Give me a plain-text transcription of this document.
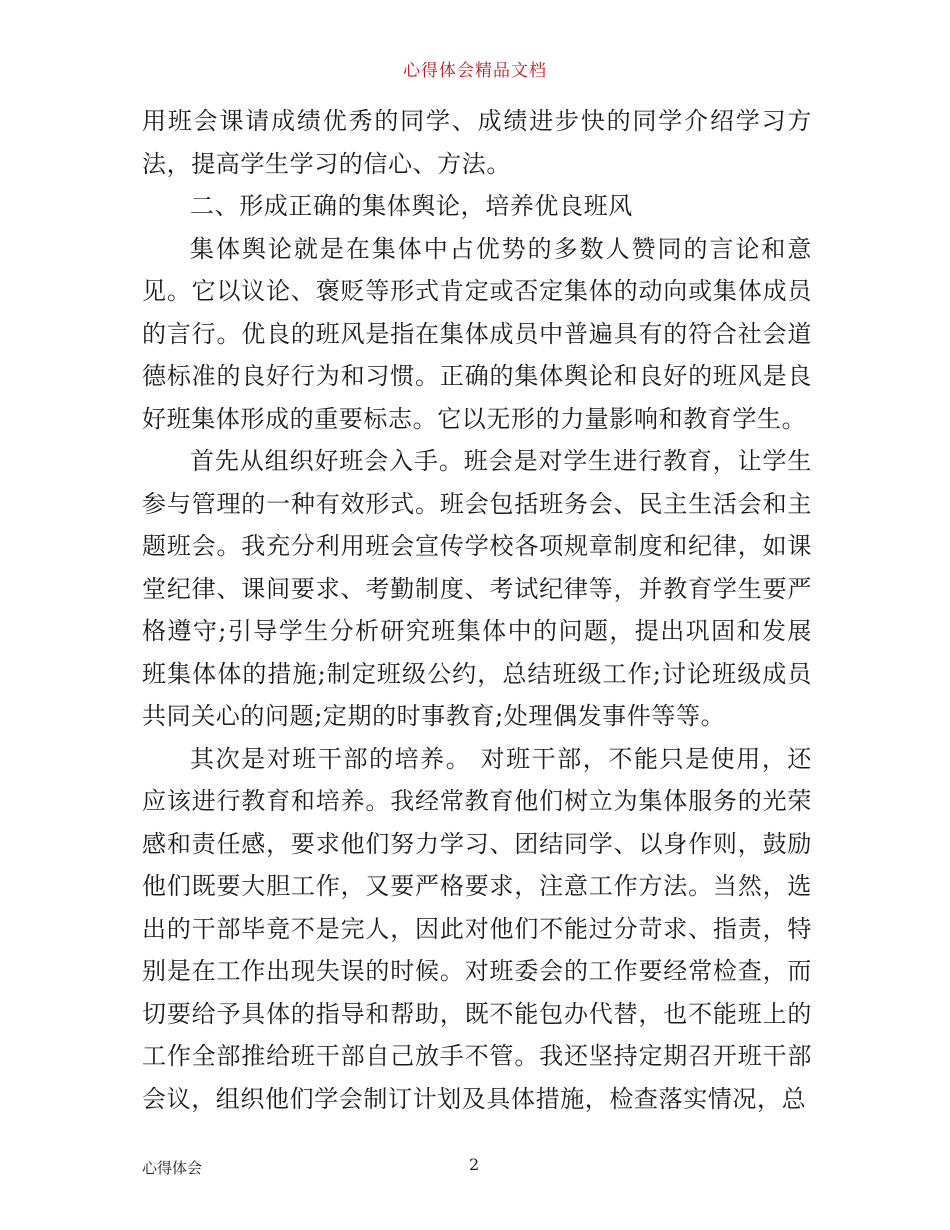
心得体会精品文档

用班会课请成绩优秀的同学、成绩进步快的同学介绍学习方法，提高学生学习的信心、方法。

二、形成正确的集体舆论，培养优良班风

集体舆论就是在集体中占优势的多数人赞同的言论和意见。它以议论、褒贬等形式肯定或否定集体的动向或集体成员的言行。优良的班风是指在集体成员中普遍具有的符合社会道德标准的良好行为和习惯。正确的集体舆论和良好的班风是良好班集体形成的重要标志。它以无形的力量影响和教育学生。

首先从组织好班会入手。班会是对学生进行教育，让学生参与管理的一种有效形式。班会包括班务会、民主生活会和主题班会。我充分利用班会宣传学校各项规章制度和纪律，如课堂纪律、课间要求、考勤制度、考试纪律等，并教育学生要严格遵守;引导学生分析研究班集体中的问题，提出巩固和发展班集体体的措施;制定班级公约，总结班级工作;讨论班级成员共同关心的问题;定期的时事教育;处理偶发事件等等。

其次是对班干部的培养。 对班干部，不能只是使用，还应该进行教育和培养。我经常教育他们树立为集体服务的光荣感和责任感，要求他们努力学习、团结同学、以身作则，鼓励他们既要大胆工作，又要严格要求，注意工作方法。当然，选出的干部毕竟不是完人，因此对他们不能过分苛求、指责，特别是在工作出现失误的时候。对班委会的工作要经常检查，而切要给予具体的指导和帮助，既不能包办代替，也不能班上的工作全部推给班干部自己放手不管。我还坚持定期召开班干部会议，组织他们学会制订计划及具体措施，检查落实情况，总

心得体会	2
